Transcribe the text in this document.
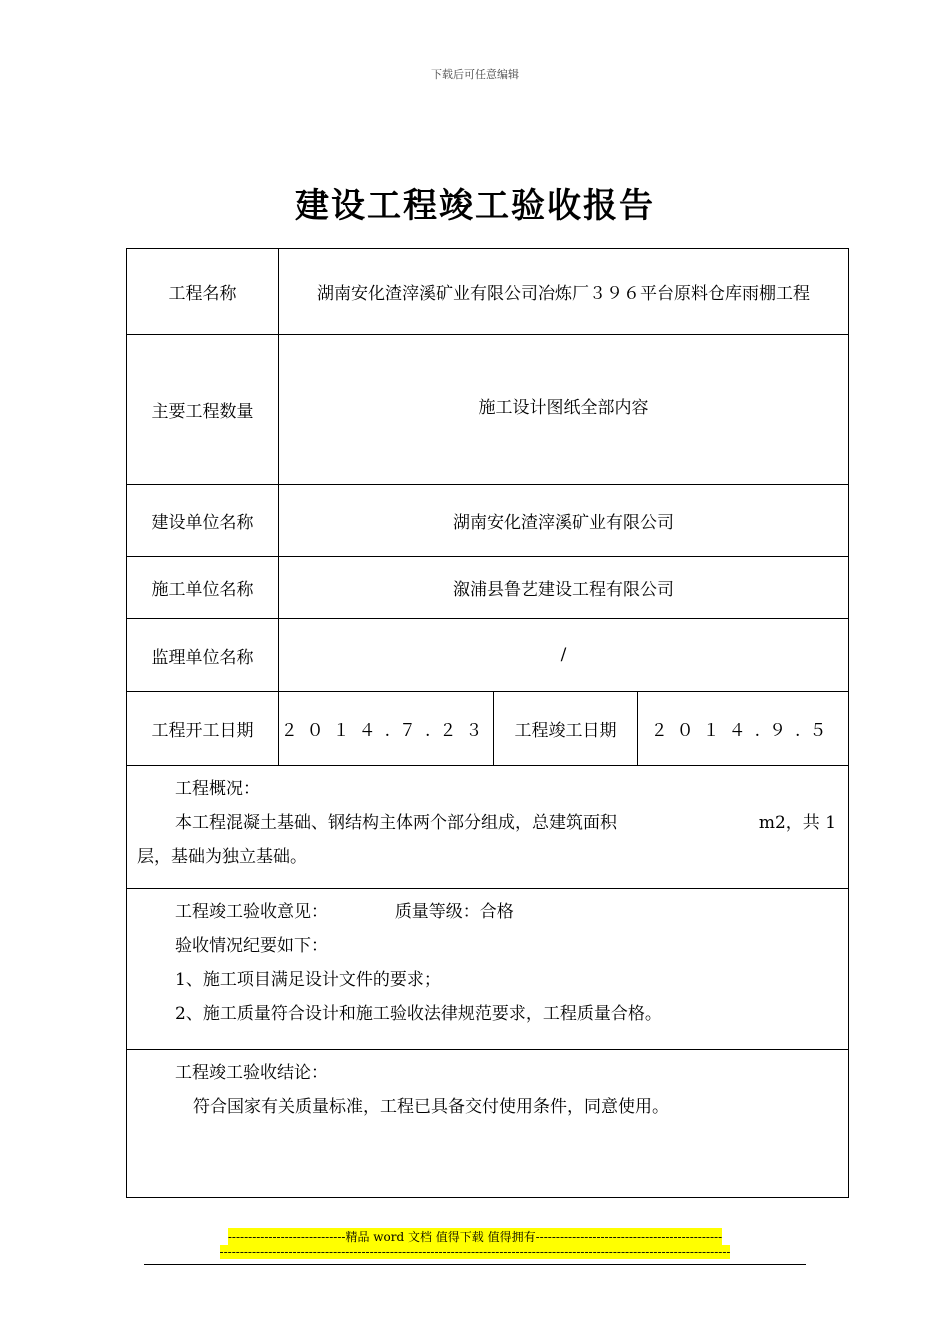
下载后可任意编辑
建设工程竣工验收报告
工程名称	湖南安化渣滓溪矿业有限公司冶炼厂３９６平台原料仓库雨棚工程		
主要工程数量	施工设计图纸全部内容		
建设单位名称	湖南安化渣滓溪矿业有限公司		
施工单位名称	溆浦县鲁艺建设工程有限公司		
监理单位名称	/		
工程开工日期	２０１４.７.２３	工程竣工日期	２０１４.９.５

工程概况：
本工程混凝土基础、钢结构主体两个部分组成，总建筑面积 m2，共 1
层，基础为独立基础。			

工程竣工验收意见： 质量等级：合格
验收情况纪要如下：
1、施工项目满足设计文件的要求；
2、施工质量符合设计和施工验收法律规范要求，工程质量合格。			

工程竣工验收结论：
符合国家有关质量标准，工程已具备交付使用条件，同意使用。			
-----------------------------精品 word 文档 值得下载 值得拥有----------------------------------------------
------------------------------------------------------------------------------------------------------------------------------
